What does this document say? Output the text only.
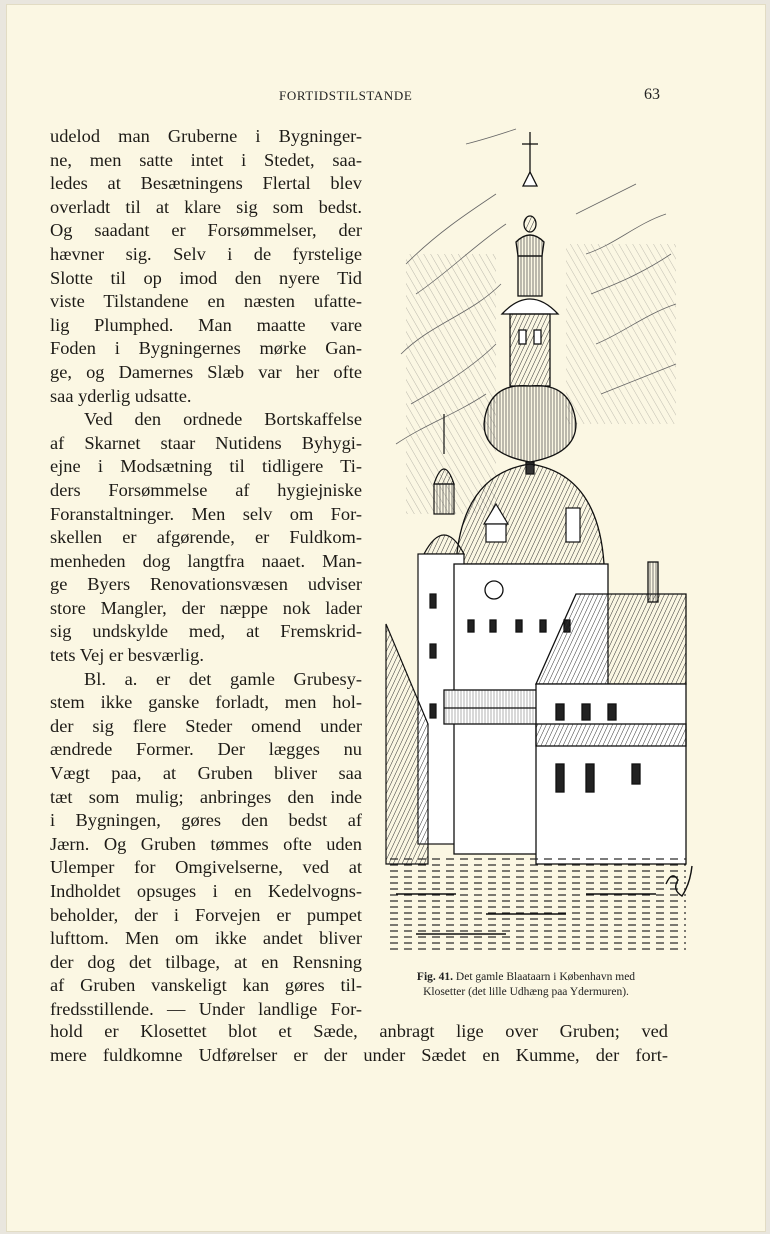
FORTIDSTILSTANDE	63
udelod man Gruberne i Bygninger-
ne, men satte intet i Stedet, saa-
ledes at Besætningens Flertal blev
overladt til at klare sig som bedst.
Og saadant er Forsømmelser, der
hævner sig. Selv i de fyrstelige
Slotte til op imod den nyere Tid
viste Tilstandene en næsten ufatte-
lig Plumphed. Man maatte vare
Foden i Bygningernes mørke Gan-
ge, og Damernes Slæb var her ofte
saa yderlig udsatte.
Ved den ordnede Bortskaffelse
af Skarnet staar Nutidens Byhygi-
ejne i Modsætning til tidligere Ti-
ders Forsømmelse af hygiejniske
Foranstaltninger. Men selv om For-
skellen er afgørende, er Fuldkom-
menheden dog langtfra naaet. Man-
ge Byers Renovationsvæsen udviser
store Mangler, der næppe nok lader
sig undskylde med, at Fremskrid-
tets Vej er besværlig.
Bl. a. er det gamle Grubesy-
stem ikke ganske forladt, men hol-
der sig flere Steder omend under
ændrede Former. Der lægges nu
Vægt paa, at Gruben bliver saa
tæt som mulig; anbringes den inde
i Bygningen, gøres den bedst af
Jærn. Og Gruben tømmes ofte uden
Ulemper for Omgivelserne, ved at
Indholdet opsuges i en Kedelvogns-
beholder, der i Forvejen er pumpet
lufttom. Men om ikke andet bliver
der dog det tilbage, at en Rensning
af Gruben vanskeligt kan gøres til-
fredsstillende. — Under landlige For-
hold er Klosettet blot et Sæde, anbragt lige over Gruben; ved
mere fuldkomne Udførelser er der under Sædet en Kumme, der fort-
Fig. 41. Det gamle Blaataarn i København med
Klosetter (det lille Udhæng paa Ydermuren).
